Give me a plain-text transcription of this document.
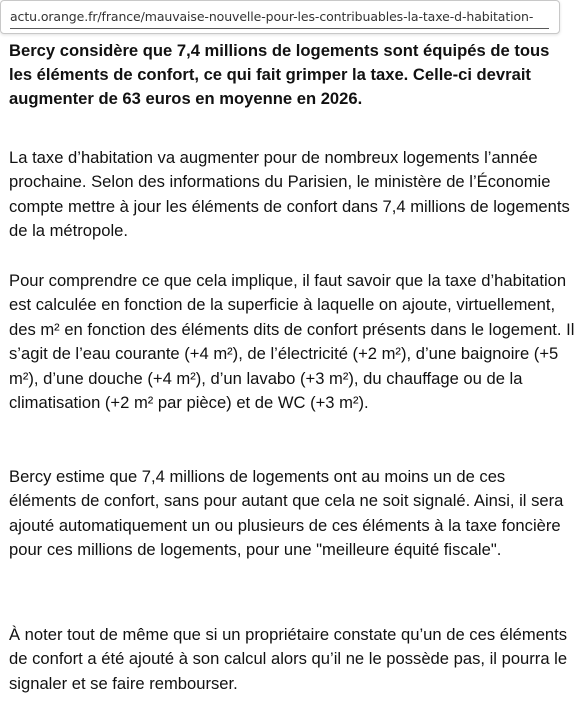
actu.orange.fr/france/mauvaise-nouvelle-pour-les-contribuables-la-taxe-d-habitation-

Bercy considère que 7,4 millions de logements sont équipés de tous les éléments de confort, ce qui fait grimper la taxe. Celle-ci devrait augmenter de 63 euros en moyenne en 2026.

La taxe d’habitation va augmenter pour de nombreux logements l’année prochaine. Selon des informations du Parisien, le ministère de l’Économie compte mettre à jour les éléments de confort dans 7,4 millions de logements de la métropole.

Pour comprendre ce que cela implique, il faut savoir que la taxe d’habitation est calculée en fonction de la superficie à laquelle on ajoute, virtuellement, des m² en fonction des éléments dits de confort présents dans le logement. Il s’agit de l’eau courante (+4 m²), de l’électricité (+2 m²), d’une baignoire (+5 m²), d’une douche (+4 m²), d’un lavabo (+3 m²), du chauffage ou de la climatisation (+2 m² par pièce) et de WC (+3 m²).

Bercy estime que 7,4 millions de logements ont au moins un de ces éléments de confort, sans pour autant que cela ne soit signalé. Ainsi, il sera ajouté automatiquement un ou plusieurs de ces éléments à la taxe foncière pour ces millions de logements, pour une "meilleure équité fiscale".

À noter tout de même que si un propriétaire constate qu’un de ces éléments de confort a été ajouté à son calcul alors qu’il ne le possède pas, il pourra le signaler et se faire rembourser.
